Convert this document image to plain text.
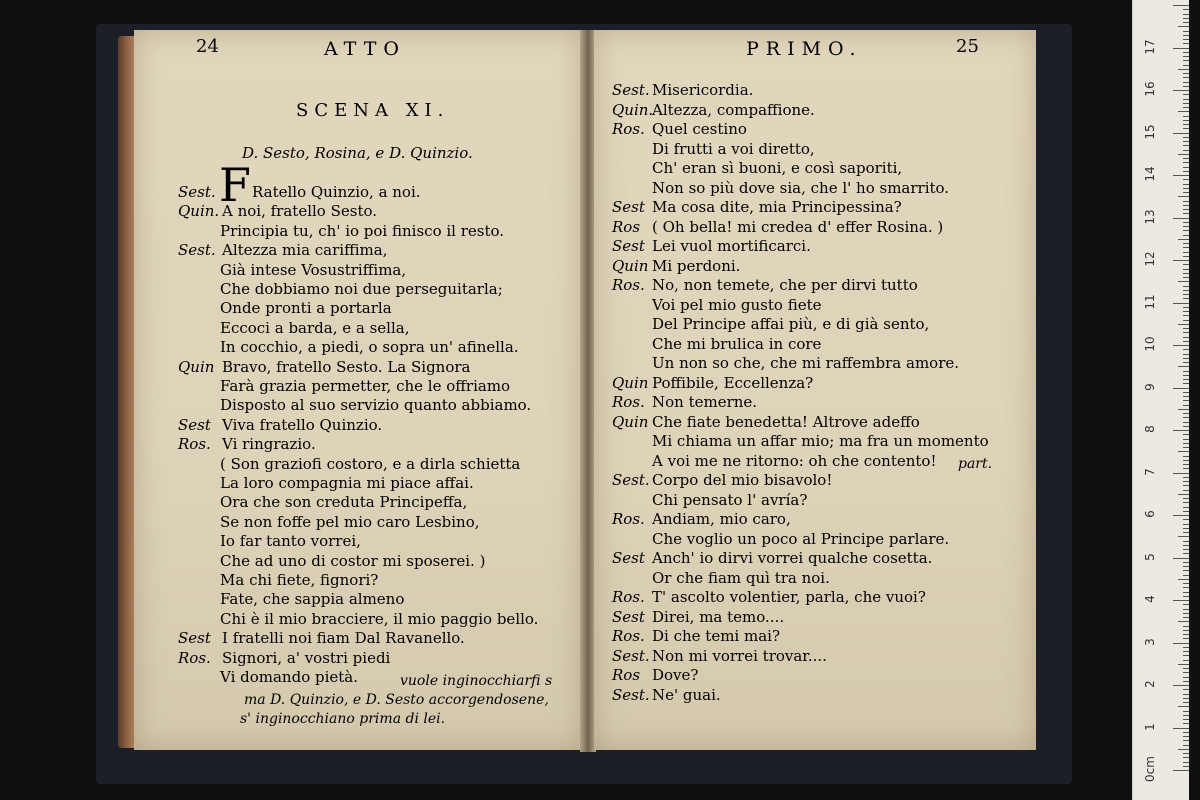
24	ATTO
SCENA XI.
D. Sesto, Rosina, e D. Quinzio.
F
PRIMO.	25
Sest. Ratello Quinzio, a noi.
Quin. A noi, fratello Sesto.
Principia tu, ch' io poi finisco il resto.
Sest. Altezza mia cariffima,
Già intese Vosustriffima,
Che dobbiamo noi due perseguitarla;
Onde pronti a portarla
Eccoci a barda, e a sella,
In cocchio, a piedi, o sopra un' afinella.
Quin Bravo, fratello Sesto. La Signora
Farà grazia permetter, che le offriamo
Disposto al suo servizio quanto abbiamo.
Sest Viva fratello Quinzio.
Ros. Vi ringrazio.
( Son graziofi costoro, e a dirla schietta
La loro compagnia mi piace affai.
Ora che son creduta Principeffa,
Se non foffe pel mio caro Lesbino,
Io far tanto vorrei,
Che ad uno di costor mi sposerei. )
Ma chi fiete, fignori?
Fate, che sappia almeno
Chi è il mio bracciere, il mio paggio bello.
Sest I fratelli noi fiam Dal Ravanello.
Ros. Signori, a' vostri piedi
Vi domando pietà.
Sest. Misericordia.
Quin.
Altezza, compaffione.
Ros. Quel cestino
Di frutti a voi diretto,
Ch' eran sì buoni, e così saporiti,
Non so più dove sia, che l' ho smarrito.
Sest Ma cosa dite, mia Principessina?
Ros ( Oh bella! mi credea d' effer Rosina. )
Sest Lei vuol mortificarci.
Quin Mi perdoni.
Ros. No, non temete, che per dirvi tutto
Voi pel mio gusto fiete
Del Principe affai più, e di già sento,
Che mi brulica in core
Un non so che, che mi raffembra amore.
Quin Poffibile, Eccellenza?
Ros. Non temerne.
Quin Che fiate benedetta! Altrove adeffo
Mi chiama un affar mio; ma fra un momento
A voi me ne ritorno: oh che contento!
Sest. Corpo del mio bisavolo!
Chi pensato l' avría?
Ros. Andiam, mio caro,
Che voglio un poco al Principe parlare.
Sest Anch' io dirvi vorrei qualche cosetta.
Or che fiam quì tra noi.
Ros. T' ascolto volentier, parla, che vuoi?
Sest Direi, ma temo....
Ros. Di che temi mai?
Sest. Non mi vorrei trovar....
Ros Dove?
Sest. Ne' guai.
vuole inginocchiarfi s
ma D. Quinzio, e D. Sesto accorgendosene,
s' inginocchiano prima di lei.
part.
0cm
1
2
3
4
5
6
7
8
9
10
11
12
13
14
15
16
17
